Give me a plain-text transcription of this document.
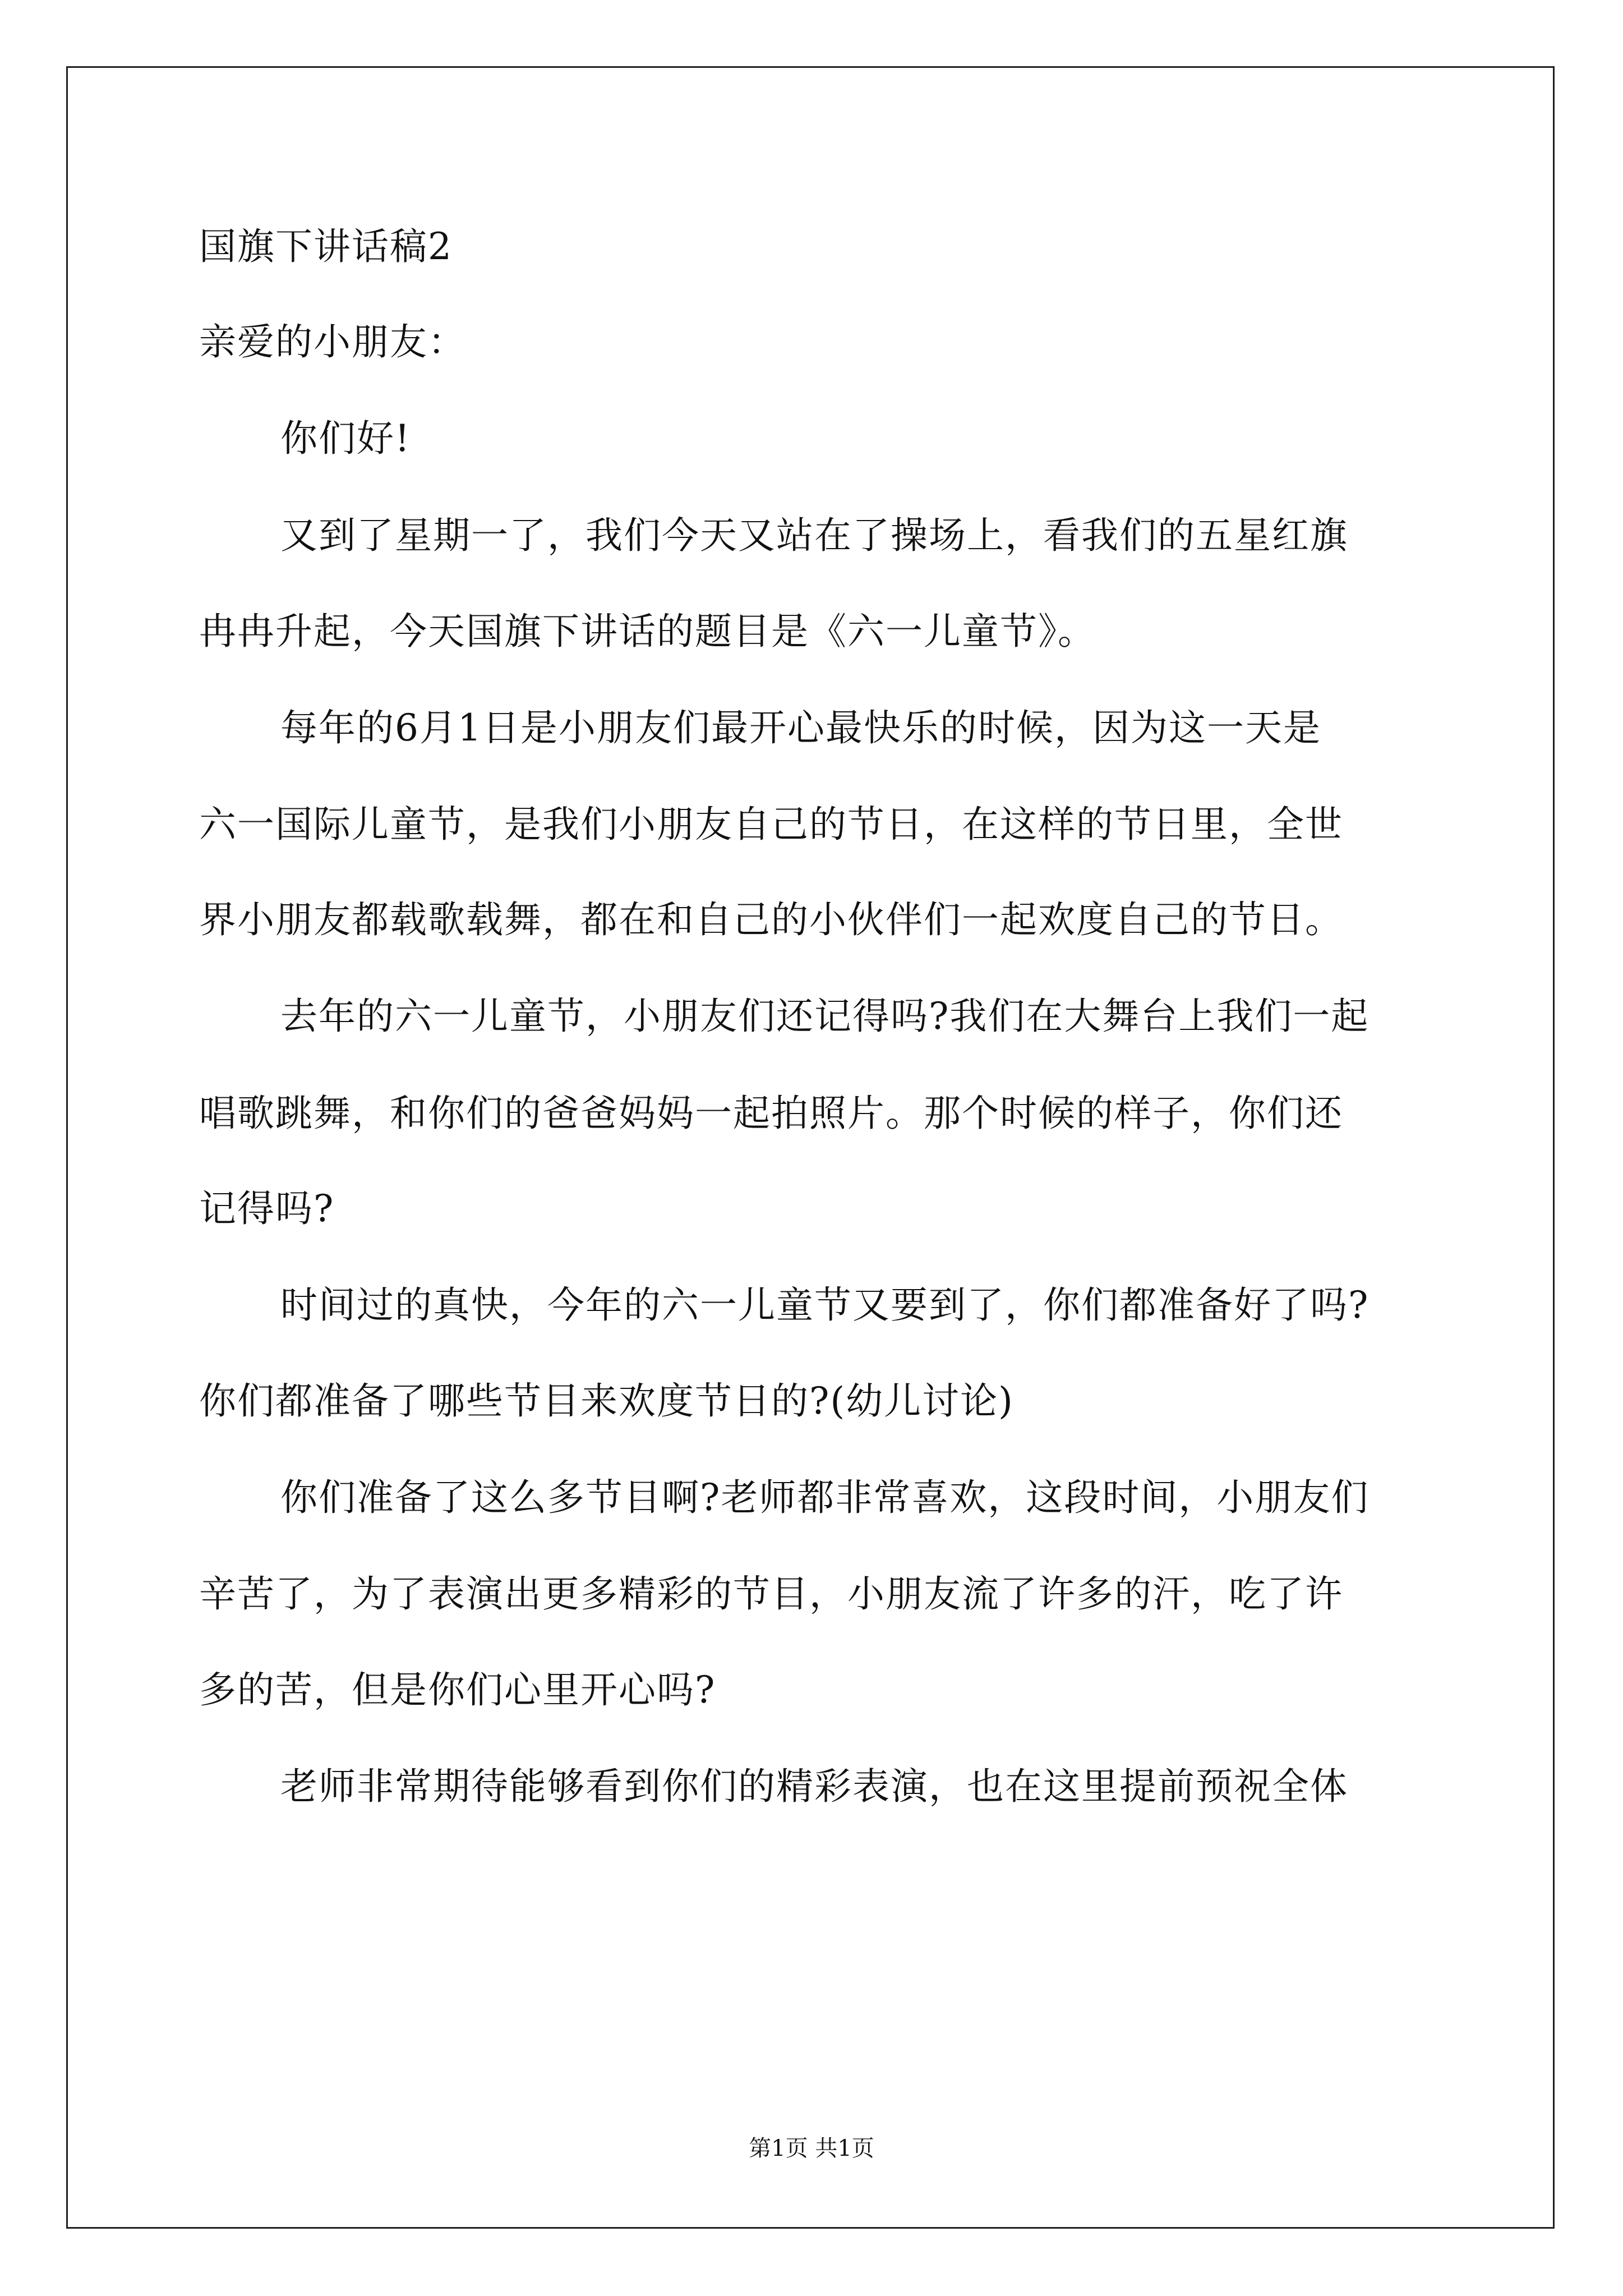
国旗下讲话稿2
亲爱的小朋友：
你们好!
又到了星期一了，我们今天又站在了操场上，看我们的五星红旗
冉冉升起，今天国旗下讲话的题目是《六一儿童节》。
每年的6月1日是小朋友们最开心最快乐的时候，因为这一天是
六一国际儿童节，是我们小朋友自己的节日，在这样的节日里，全世
界小朋友都载歌载舞，都在和自己的小伙伴们一起欢度自己的节日。
去年的六一儿童节，小朋友们还记得吗?我们在大舞台上我们一起
唱歌跳舞，和你们的爸爸妈妈一起拍照片。那个时候的样子，你们还
记得吗?
时间过的真快，今年的六一儿童节又要到了，你们都准备好了吗?
你们都准备了哪些节目来欢度节日的?(幼儿讨论)
你们准备了这么多节目啊?老师都非常喜欢，这段时间，小朋友们
辛苦了，为了表演出更多精彩的节目，小朋友流了许多的汗，吃了许
多的苦，但是你们心里开心吗?
老师非常期待能够看到你们的精彩表演，也在这里提前预祝全体
第1页 共1页
